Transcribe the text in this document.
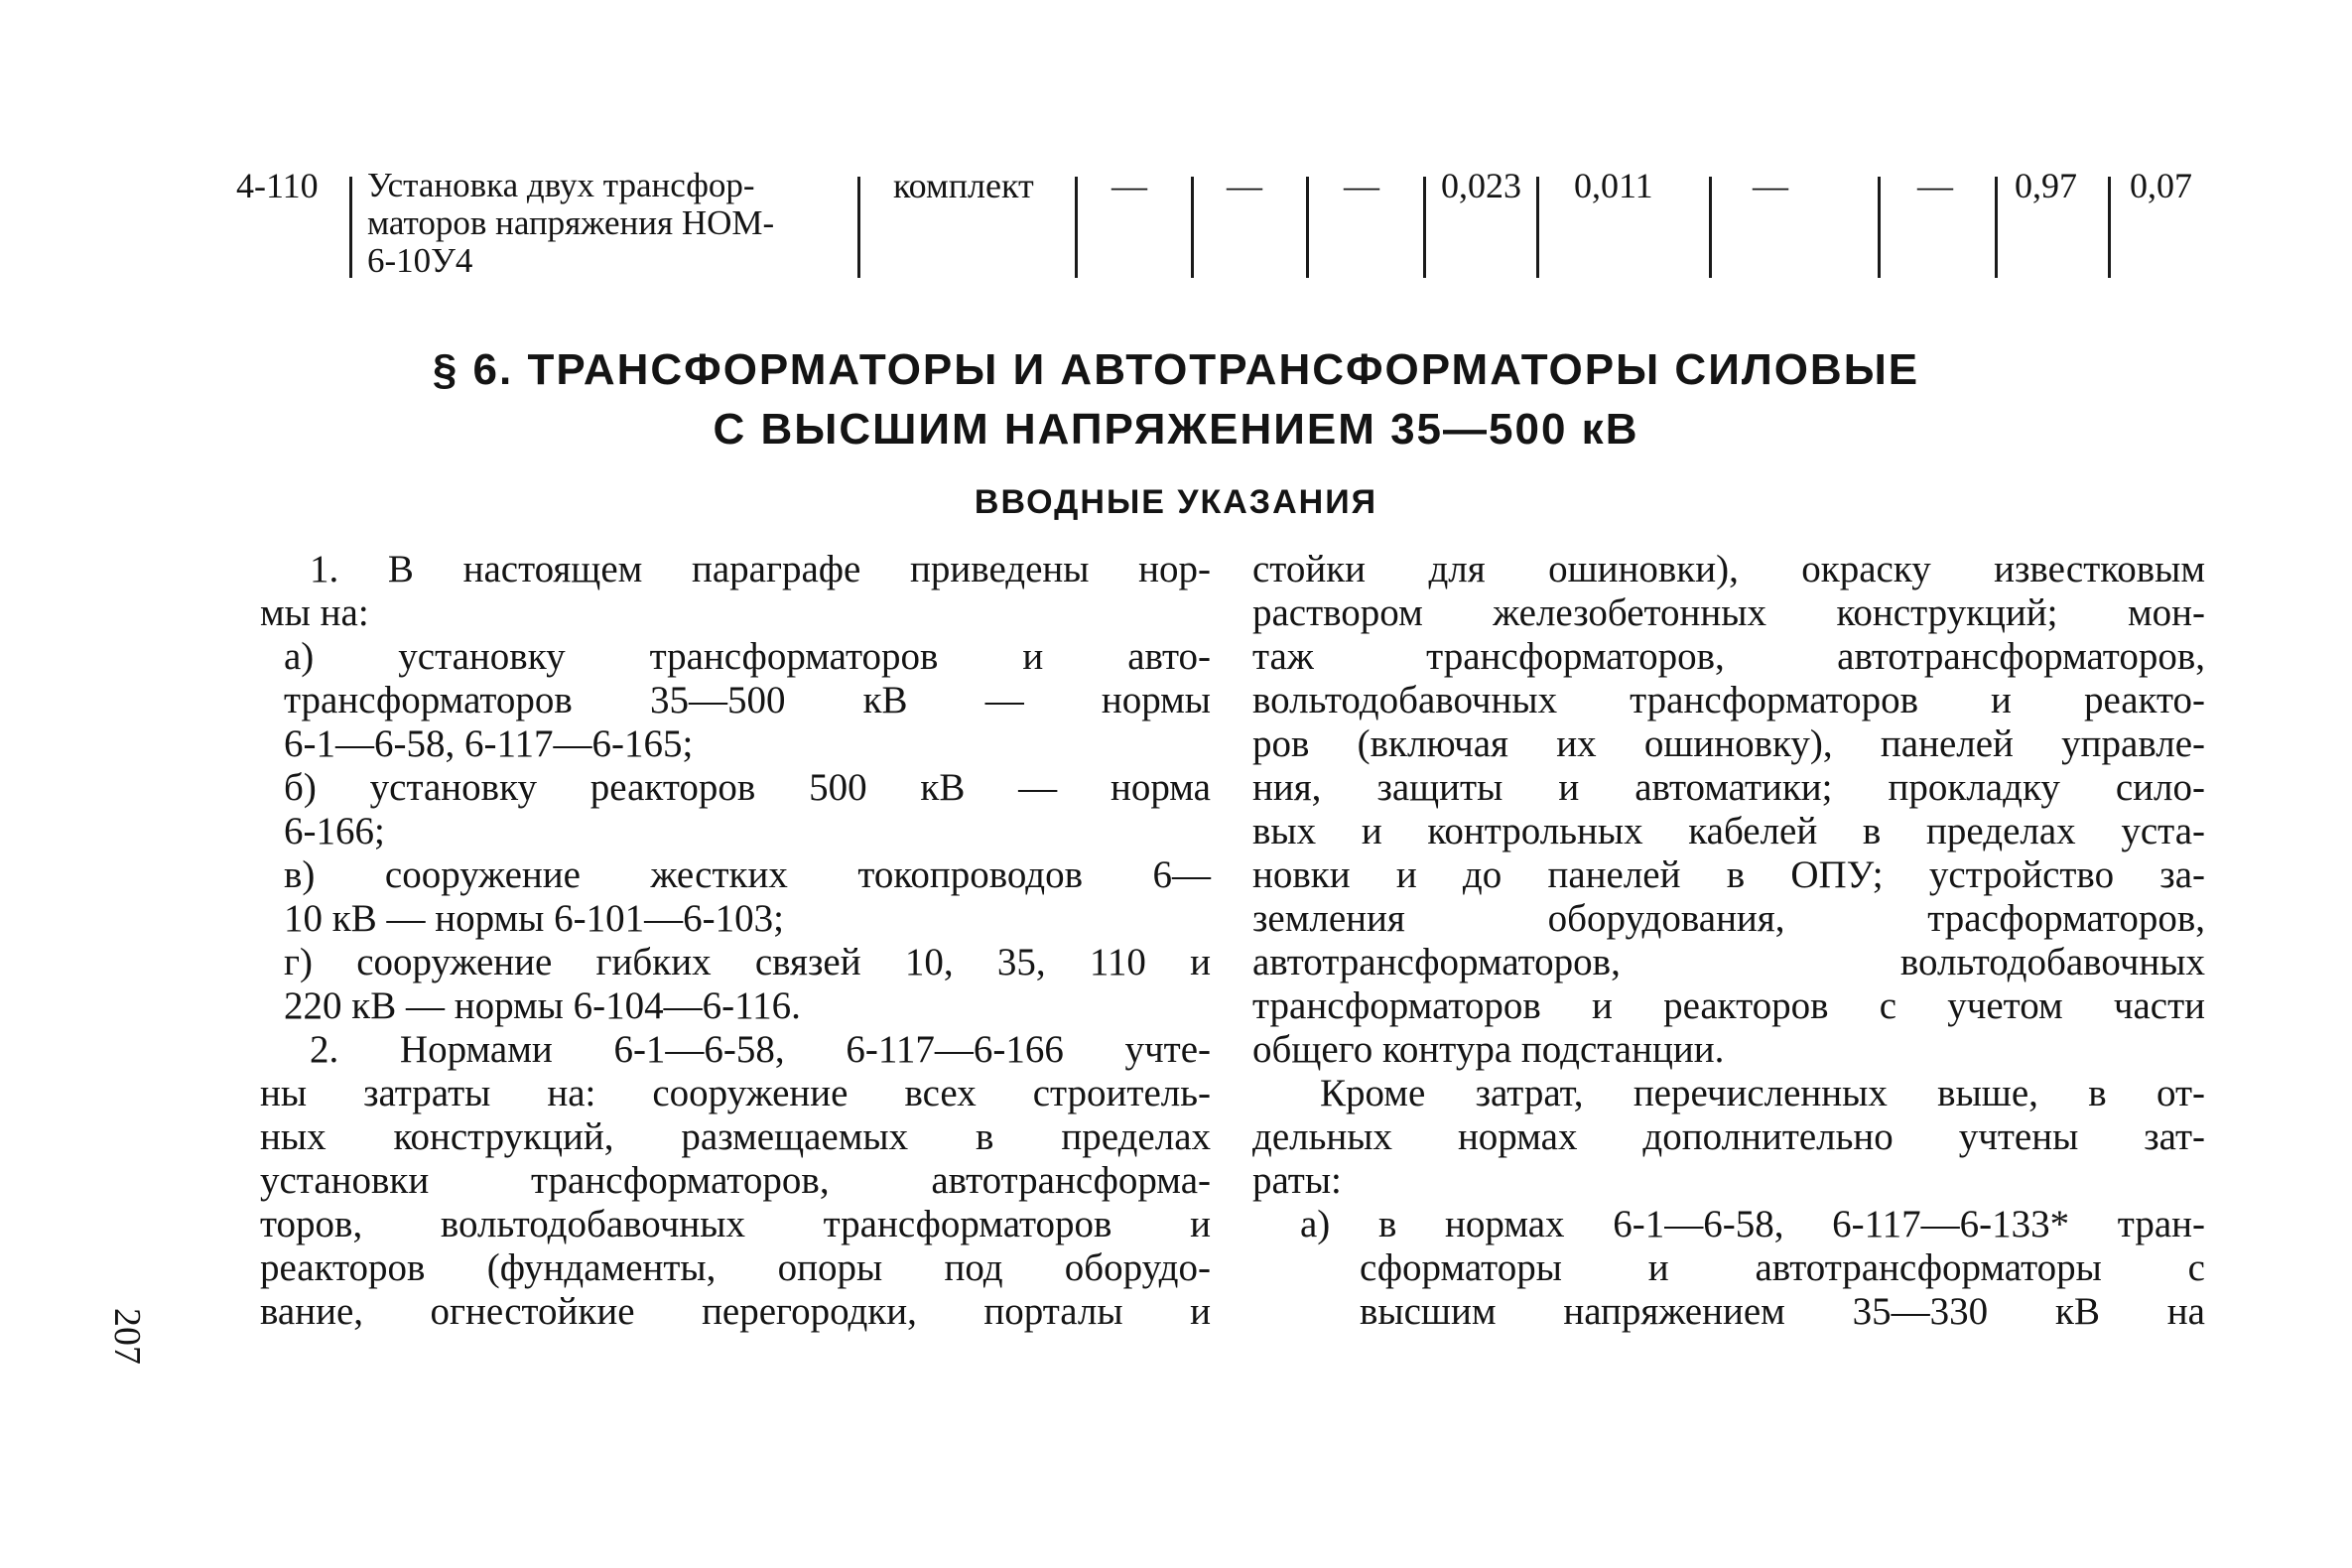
4-110 Установка двух трансфор-
маторов напряжения НОМ-
6-10У4
комплект — — — 0,023 0,011	—	— 0,97 0,07
§ 6. ТРАНСФОРМАТОРЫ И АВТОТРАНСФОРМАТОРЫ СИЛОВЫЕ
С ВЫСШИМ НАПРЯЖЕНИЕМ 35—500 кВ
ВВОДНЫЕ УКАЗАНИЯ
1. В настоящем параграфе приведены нор-
мы на:
а) установку трансформаторов и авто-
трансформаторов 35—500 кВ — нормы
6-1—6-58, 6-117—6-165;
б) установку реакторов 500 кВ — норма
6-166;
в) сооружение жестких токопроводов 6—
10 кВ — нормы 6-101—6-103;
г) сооружение гибких связей 10, 35, 110 и
220 кВ — нормы 6-104—6-116.
2. Нормами 6-1—6-58, 6-117—6-166 учте-
ны затраты на: сооружение всех строитель-
ных конструкций, размещаемых в пределах
установки трансформаторов, автотрансформа-
торов, вольтодобавочных трансформаторов и
реакторов (фундаменты, опоры под оборудо-
вание, огнестойкие перегородки, порталы и
стойки для ошиновки), окраску известковым
раствором железобетонных конструкций; мон-
таж трансформаторов, автотрансформаторов,
вольтодобавочных трансформаторов и реакто-
ров (включая их ошиновку), панелей управле-
ния, защиты и автоматики; прокладку сило-
вых и контрольных кабелей в пределах уста-
новки и до панелей в ОПУ; устройство за-
земления оборудования, трасформаторов,
автотрансформаторов, вольтодобавочных
трансформаторов и реакторов с учетом части
общего контура подстанции.
Кроме затрат, перечисленных выше, в от-
дельных нормах дополнительно учтены зат-
раты:
а) в нормах 6-1—6-58, 6-117—6-133* тран-
сформаторы и автотрансформаторы с
высшим напряжением 35—330 кВ на
207
